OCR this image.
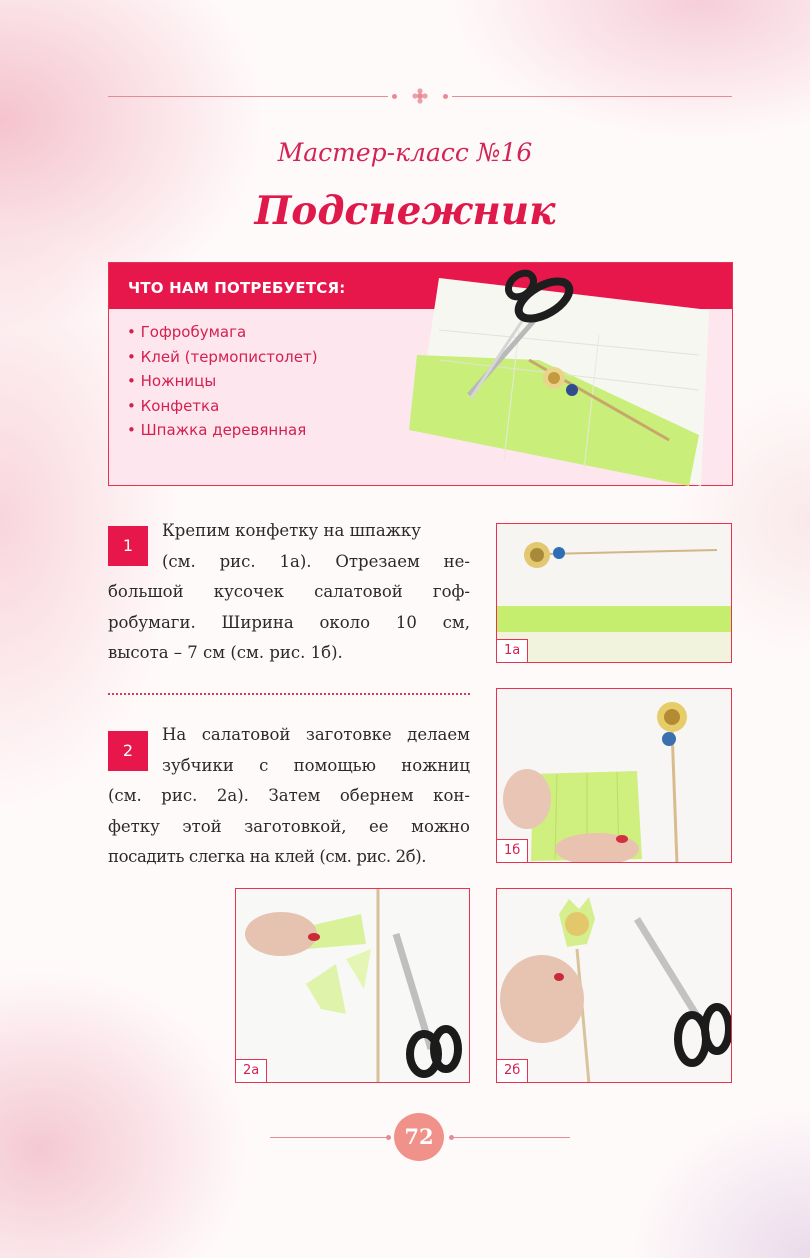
Мастер-класс №16
Подснежник
ЧТО НАМ ПОТРЕБУЕТСЯ:
• Гофробумага
• Клей (термопистолет)
• Ножницы
• Конфетка
• Шпажка деревянная
1
Крепим конфетку на шпажку
(см. рис. 1а). Отрезаем не-
большой кусочек салатовой гоф-
робумаги. Ширина около 10 см,
высота – 7 см (см. рис. 1б).
2
На салатовой заготовке делаем
зубчики с помощью ножниц
(см. рис. 2а). Затем обернем кон-
фетку этой заготовкой, ее можно
посадить слегка на клей (см. рис. 2б).
1а
1б
2а	2б
72
